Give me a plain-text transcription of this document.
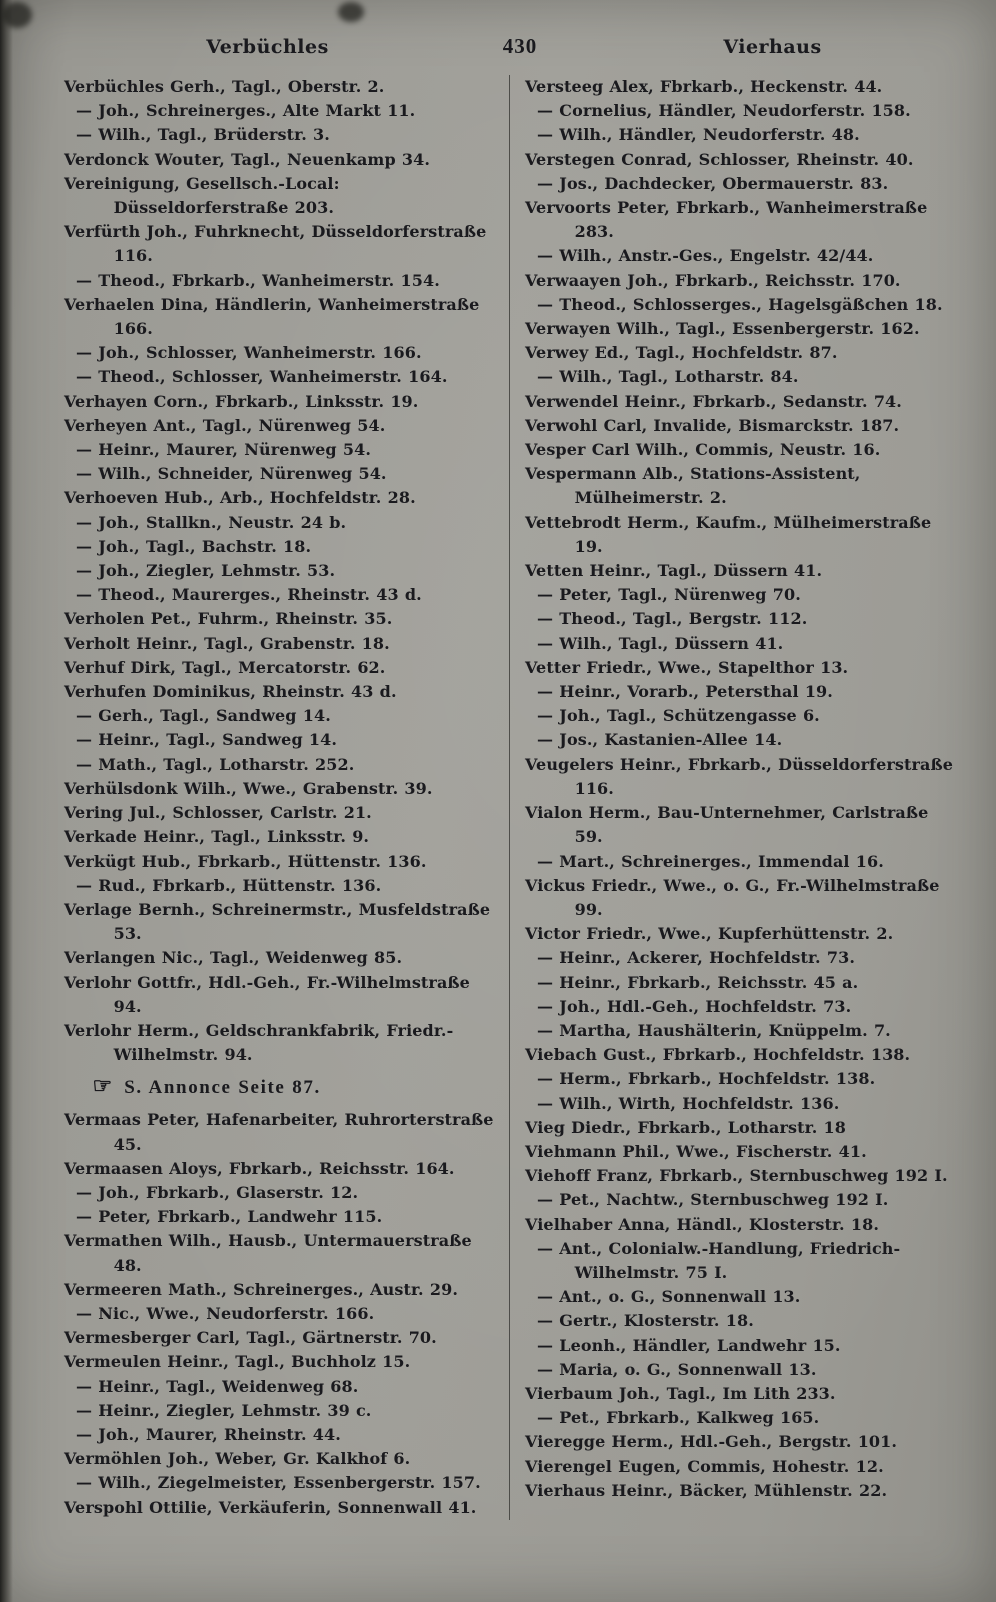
Verbüchles	430	Vierhaus

Verbüchles Gerh., Tagl., Oberstr. 2.

— Joh., Schreinerges., Alte Markt 11.

— Wilh., Tagl., Brüderstr. 3.

Verdonck Wouter, Tagl., Neuenkamp 34.

Vereinigung, Gesellsch.-Local: Düsseldorferstraße 203.

Verfürth Joh., Fuhrknecht, Düsseldorferstraße 116.

— Theod., Fbrkarb., Wanheimerstr. 154.

Verhaelen Dina, Händlerin, Wanheimerstraße 166.

— Joh., Schlosser, Wanheimerstr. 166.

— Theod., Schlosser, Wanheimerstr. 164.

Verhayen Corn., Fbrkarb., Linksstr. 19.

Verheyen Ant., Tagl., Nürenweg 54.

— Heinr., Maurer, Nürenweg 54.

— Wilh., Schneider, Nürenweg 54.

Verhoeven Hub., Arb., Hochfeldstr. 28.

— Joh., Stallkn., Neustr. 24 b.

— Joh., Tagl., Bachstr. 18.

— Joh., Ziegler, Lehmstr. 53.

— Theod., Maurerges., Rheinstr. 43 d.

Verholen Pet., Fuhrm., Rheinstr. 35.

Verholt Heinr., Tagl., Grabenstr. 18.

Verhuf Dirk, Tagl., Mercatorstr. 62.

Verhufen Dominikus, Rheinstr. 43 d.

— Gerh., Tagl., Sandweg 14.

— Heinr., Tagl., Sandweg 14.

— Math., Tagl., Lotharstr. 252.

Verhülsdonk Wilh., Wwe., Grabenstr. 39.

Vering Jul., Schlosser, Carlstr. 21.

Verkade Heinr., Tagl., Linksstr. 9.

Verkügt Hub., Fbrkarb., Hüttenstr. 136.

— Rud., Fbrkarb., Hüttenstr. 136.

Verlage Bernh., Schreinermstr., Musfeldstraße 53.

Verlangen Nic., Tagl., Weidenweg 85.

Verlohr Gottfr., Hdl.-Geh., Fr.-Wilhelmstraße 94.

Verlohr Herm., Geldschrankfabrik, Friedr.-Wilhelmstr. 94.

☞ S. Annonce Seite 87.

Vermaas Peter, Hafenarbeiter, Ruhrorterstraße 45.

Vermaasen Aloys, Fbrkarb., Reichsstr. 164.

— Joh., Fbrkarb., Glaserstr. 12.

— Peter, Fbrkarb., Landwehr 115.

Vermathen Wilh., Hausb., Untermauerstraße 48.

Vermeeren Math., Schreinerges., Austr. 29.

— Nic., Wwe., Neudorferstr. 166.

Vermesberger Carl, Tagl., Gärtnerstr. 70.

Vermeulen Heinr., Tagl., Buchholz 15.

— Heinr., Tagl., Weidenweg 68.

— Heinr., Ziegler, Lehmstr. 39 c.

— Joh., Maurer, Rheinstr. 44.

Vermöhlen Joh., Weber, Gr. Kalkhof 6.

— Wilh., Ziegelmeister, Essenbergerstr. 157.

Verspohl Ottilie, Verkäuferin, Sonnenwall 41.

Versteeg Alex, Fbrkarb., Heckenstr. 44.

— Cornelius, Händler, Neudorferstr. 158.

— Wilh., Händler, Neudorferstr. 48.

Verstegen Conrad, Schlosser, Rheinstr. 40.

— Jos., Dachdecker, Obermauerstr. 83.

Vervoorts Peter, Fbrkarb., Wanheimerstraße 283.

— Wilh., Anstr.-Ges., Engelstr. 42/44.

Verwaayen Joh., Fbrkarb., Reichsstr. 170.

— Theod., Schlosserges., Hagelsgäßchen 18.

Verwayen Wilh., Tagl., Essenbergerstr. 162.

Verwey Ed., Tagl., Hochfeldstr. 87.

— Wilh., Tagl., Lotharstr. 84.

Verwendel Heinr., Fbrkarb., Sedanstr. 74.

Verwohl Carl, Invalide, Bismarckstr. 187.

Vesper Carl Wilh., Commis, Neustr. 16.

Vespermann Alb., Stations-Assistent, Mülheimerstr. 2.

Vettebrodt Herm., Kaufm., Mülheimerstraße 19.

Vetten Heinr., Tagl., Düssern 41.

— Peter, Tagl., Nürenweg 70.

— Theod., Tagl., Bergstr. 112.

— Wilh., Tagl., Düssern 41.

Vetter Friedr., Wwe., Stapelthor 13.

— Heinr., Vorarb., Petersthal 19.

— Joh., Tagl., Schützengasse 6.

— Jos., Kastanien-Allee 14.

Veugelers Heinr., Fbrkarb., Düsseldorferstraße 116.

Vialon Herm., Bau-Unternehmer, Carlstraße 59.

— Mart., Schreinerges., Immendal 16.

Vickus Friedr., Wwe., o. G., Fr.-Wilhelmstraße 99.

Victor Friedr., Wwe., Kupferhüttenstr. 2.

— Heinr., Ackerer, Hochfeldstr. 73.

— Heinr., Fbrkarb., Reichsstr. 45 a.

— Joh., Hdl.-Geh., Hochfeldstr. 73.

— Martha, Haushälterin, Knüppelm. 7.

Viebach Gust., Fbrkarb., Hochfeldstr. 138.

— Herm., Fbrkarb., Hochfeldstr. 138.

— Wilh., Wirth, Hochfeldstr. 136.

Vieg Diedr., Fbrkarb., Lotharstr. 18

Viehmann Phil., Wwe., Fischerstr. 41.

Viehoff Franz, Fbrkarb., Sternbuschweg 192 I.

— Pet., Nachtw., Sternbuschweg 192 I.

Vielhaber Anna, Händl., Klosterstr. 18.

— Ant., Colonialw.-Handlung, Friedrich-Wilhelmstr. 75 I.

— Ant., o. G., Sonnenwall 13.

— Gertr., Klosterstr. 18.

— Leonh., Händler, Landwehr 15.

— Maria, o. G., Sonnenwall 13.

Vierbaum Joh., Tagl., Im Lith 233.

— Pet., Fbrkarb., Kalkweg 165.

Vieregge Herm., Hdl.-Geh., Bergstr. 101.

Vierengel Eugen, Commis, Hohestr. 12.

Vierhaus Heinr., Bäcker, Mühlenstr. 22.
